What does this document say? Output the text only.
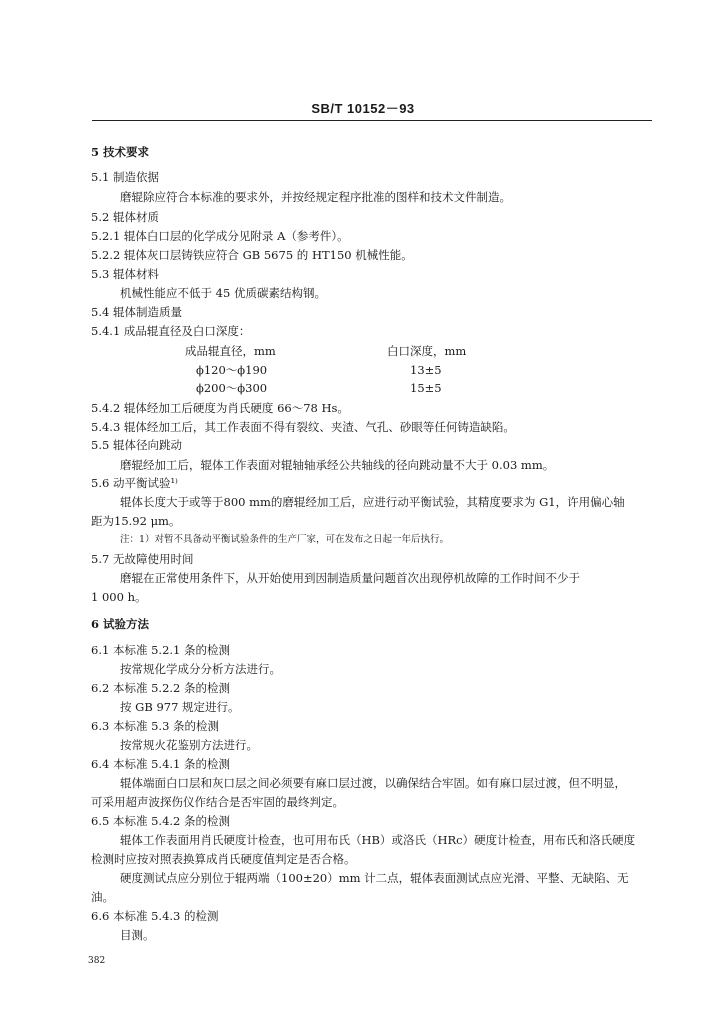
SB/T 10152－93
5 技术要求
5.1 制造依据
磨辊除应符合本标准的要求外，并按经规定程序批准的图样和技术文件制造。
5.2 辊体材质
5.2.1 辊体白口层的化学成分见附录 A（参考件）。
5.2.2 辊体灰口层铸铁应符合 GB 5675 的 HT150 机械性能。
5.3 辊体材料
机械性能应不低于 45 优质碳素结构钢。
5.4 辊体制造质量
5.4.1 成品辊直径及白口深度：
成品辊直径，mm	白口深度，mm
ϕ120～ϕ190	13±5
ϕ200～ϕ300	15±5
5.4.2 辊体经加工后硬度为肖氏硬度 66～78 Hs。
5.4.3 辊体经加工后，其工作表面不得有裂纹、夹渣、气孔、砂眼等任何铸造缺陷。
5.5 辊体径向跳动
磨辊经加工后，辊体工作表面对辊轴轴承经公共轴线的径向跳动量不大于 0.03 mm。
5.6 动平衡试验¹⁾
辊体长度大于或等于800 mm的磨辊经加工后，应进行动平衡试验，其精度要求为 G1，许用偏心轴
距为15.92 μm。
注：1）对暂不具备动平衡试验条件的生产厂家，可在发布之日起一年后执行。
5.7 无故障使用时间
磨辊在正常使用条件下，从开始使用到因制造质量问题首次出现停机故障的工作时间不少于
1 000 h。
6 试验方法
6.1 本标准 5.2.1 条的检测
按常规化学成分分析方法进行。
6.2 本标准 5.2.2 条的检测
按 GB 977 规定进行。
6.3 本标准 5.3 条的检测
按常规火花鉴别方法进行。
6.4 本标准 5.4.1 条的检测
辊体端面白口层和灰口层之间必须要有麻口层过渡，以确保结合牢固。如有麻口层过渡，但不明显，
可采用超声波探伤仪作结合是否牢固的最终判定。
6.5 本标准 5.4.2 条的检测
辊体工作表面用肖氏硬度计检查，也可用布氏（HB）或洛氏（HRc）硬度计检查，用布氏和洛氏硬度
检测时应按对照表换算成肖氏硬度值判定是否合格。
硬度测试点应分别位于辊两端（100±20）mm 计二点，辊体表面测试点应光滑、平整、无缺陷、无
油。
6.6 本标准 5.4.3 的检测
目测。
382
